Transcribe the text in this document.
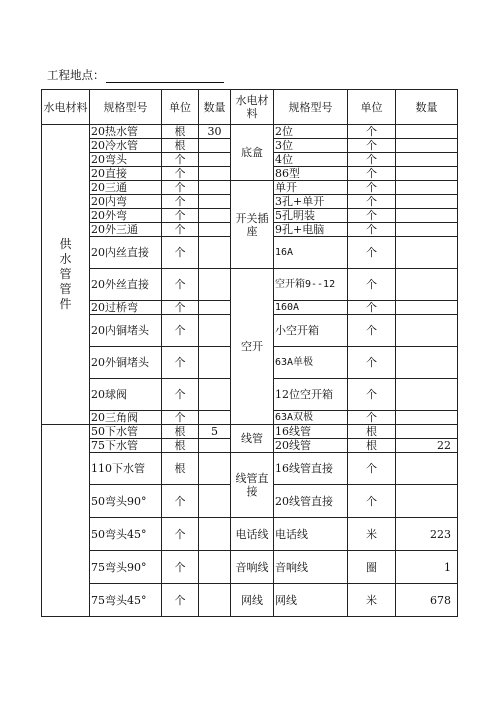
工程地点：
水电材料	规格型号	单位	数量	水电材料	规格型号	单位	数量
供水管管件	20热水管	根	30	底盒	2位	个	
	20冷水管	根			3位	个	
	20弯头	个			4位	个	
	20直接	个			86型	个	
	20三通	个		开关插座	单开	个	
	20内弯	个			3孔+单开	个	
	20外弯	个			5孔明装	个	
	20外三通	个			9孔+电脑	个	
	20内丝直接	个			16A	个	
	20外丝直接	个		空开	空开箱9--12	个	
	20过桥弯	个			160A	个	
	20内铜堵头	个			小空开箱	个	
	20外铜堵头	个			63A单极	个	
	20球阀	个			12位空开箱	个	
	20三角阀	个			63A双极	个	
	50下水管	根	5	线管	16线管	根	
	75下水管	根			20线管	根	22
	110下水管	根		线管直接	16线管直接	个	
	50弯头90°	个			20线管直接	个	
	50弯头45°	个		电话线	电话线	米	223
	75弯头90°	个		音响线	音响线	圈	1
	75弯头45°	个		网线	网线	米	678
